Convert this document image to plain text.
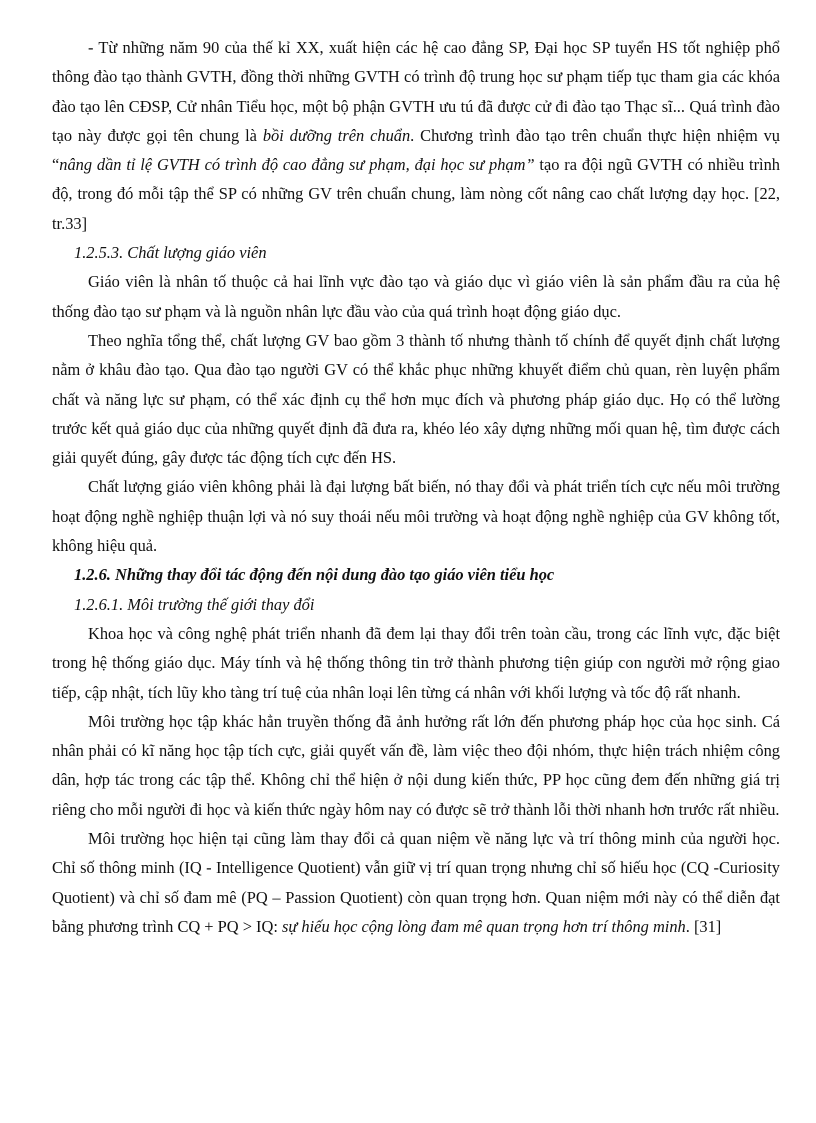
- Từ những năm 90 của thế kỉ XX, xuất hiện các hệ cao đẳng SP, Đại học SP tuyển HS tốt nghiệp phổ thông đào tạo thành GVTH, đồng thời những GVTH có trình độ trung học sư phạm tiếp tục tham gia các khóa đào tạo lên CĐSP, Cử nhân Tiểu học, một bộ phận GVTH ưu tú đã được cử đi đào tạo Thạc sĩ... Quá trình đào tạo này được gọi tên chung là bồi dưỡng trên chuẩn. Chương trình đào tạo trên chuẩn thực hiện nhiệm vụ “nâng dần tỉ lệ GVTH có trình độ cao đẳng sư phạm, đại học sư phạm” tạo ra đội ngũ GVTH có nhiều trình độ, trong đó mỗi tập thể SP có những GV trên chuẩn chung, làm nòng cốt nâng cao chất lượng dạy học. [22, tr.33]

1.2.5.3. Chất lượng giáo viên

Giáo viên là nhân tố thuộc cả hai lĩnh vực đào tạo và giáo dục vì giáo viên là sản phẩm đầu ra của hệ thống đào tạo sư phạm và là nguồn nhân lực đầu vào của quá trình hoạt động giáo dục.

Theo nghĩa tổng thể, chất lượng GV bao gồm 3 thành tố nhưng thành tố chính để quyết định chất lượng nằm ở khâu đào tạo. Qua đào tạo người GV có thể khắc phục những khuyết điểm chủ quan, rèn luyện phẩm chất và năng lực sư phạm, có thể xác định cụ thể hơn mục đích và phương pháp giáo dục. Họ có thể lường trước kết quả giáo dục của những quyết định đã đưa ra, khéo léo xây dựng những mối quan hệ, tìm được cách giải quyết đúng, gây được tác động tích cực đến HS.

Chất lượng giáo viên không phải là đại lượng bất biến, nó thay đổi và phát triển tích cực nếu môi trường hoạt động nghề nghiệp thuận lợi và nó suy thoái nếu môi trường và hoạt động nghề nghiệp của GV không tốt, không hiệu quả.

1.2.6. Những thay đổi tác động đến nội dung đào tạo giáo viên tiểu học

1.2.6.1. Môi trường thế giới thay đổi

Khoa học và công nghệ phát triển nhanh đã đem lại thay đổi trên toàn cầu, trong các lĩnh vực, đặc biệt trong hệ thống giáo dục. Máy tính và hệ thống thông tin trở thành phương tiện giúp con người mở rộng giao tiếp, cập nhật, tích lũy kho tàng trí tuệ của nhân loại lên từng cá nhân với khối lượng và tốc độ rất nhanh.

Môi trường học tập khác hẳn truyền thống đã ảnh hưởng rất lớn đến phương pháp học của học sinh. Cá nhân phải có kĩ năng học tập tích cực, giải quyết vấn đề, làm việc theo đội nhóm, thực hiện trách nhiệm công dân, hợp tác trong các tập thể. Không chỉ thể hiện ở nội dung kiến thức, PP học cũng đem đến những giá trị riêng cho mỗi người đi học và kiến thức ngày hôm nay có được sẽ trở thành lỗi thời nhanh hơn trước rất nhiều.

Môi trường học hiện tại cũng làm thay đổi cả quan niệm về năng lực và trí thông minh của người học. Chỉ số thông minh (IQ - Intelligence Quotient) vẫn giữ vị trí quan trọng nhưng chỉ số hiếu học (CQ -Curiosity Quotient) và chỉ số đam mê (PQ – Passion Quotient) còn quan trọng hơn. Quan niệm mới này có thể diễn đạt bằng phương trình CQ + PQ > IQ: sự hiếu học cộng lòng đam mê quan trọng hơn trí thông minh. [31]
